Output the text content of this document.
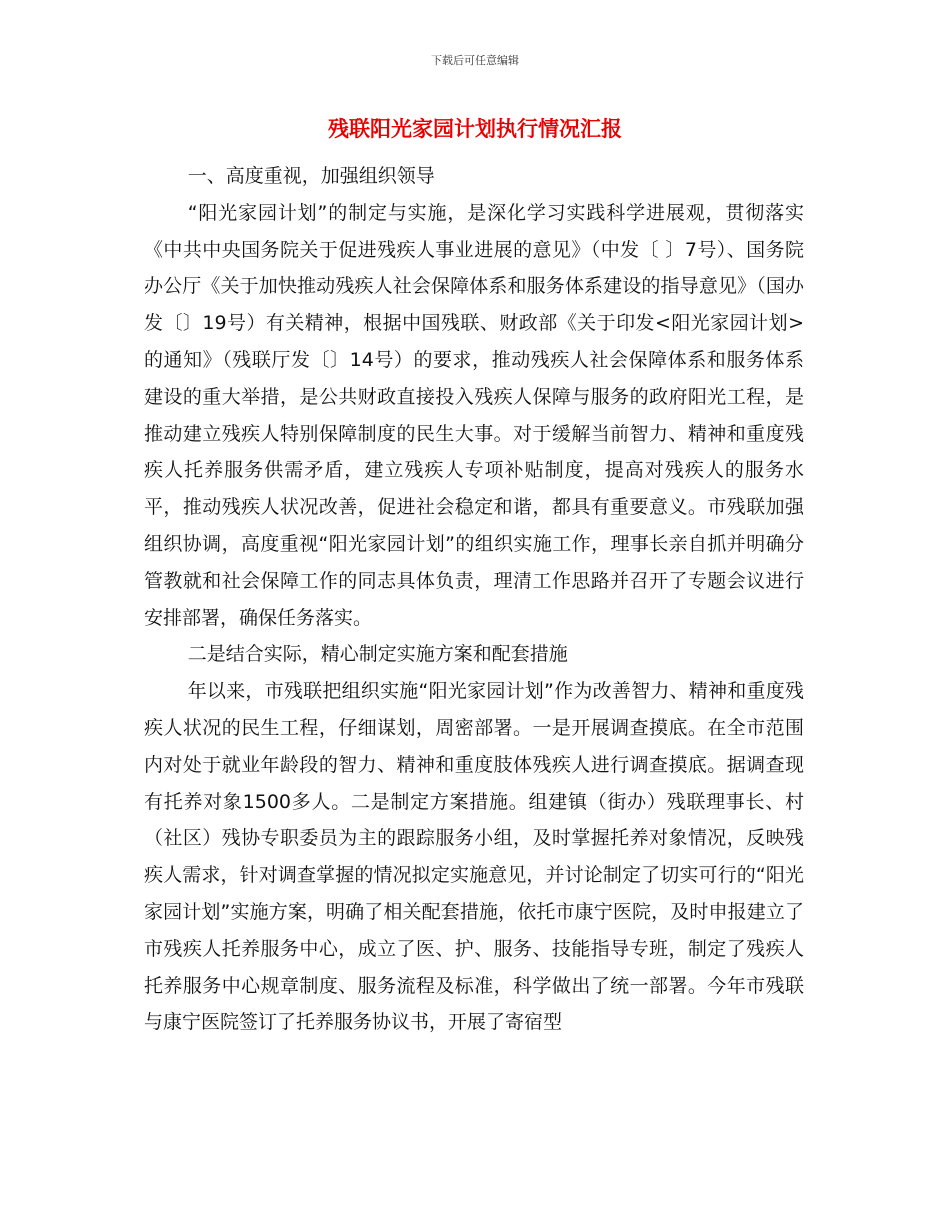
下载后可任意编辑
残联阳光家园计划执行情况汇报

一、高度重视，加强组织领导

“阳光家园计划”的制定与实施，是深化学习实践科学进展观，贯彻落实《中共中央国务院关于促进残疾人事业进展的意见》（中发〔 〕7号）、国务院办公厅《关于加快推动残疾人社会保障体系和服务体系建设的指导意见》（国办发〔〕19号）有关精神，根据中国残联、财政部《关于印发<阳光家园计划>的通知》（残联厅发〔〕14号）的要求，推动残疾人社会保障体系和服务体系建设的重大举措，是公共财政直接投入残疾人保障与服务的政府阳光工程，是推动建立残疾人特别保障制度的民生大事。对于缓解当前智力、精神和重度残疾人托养服务供需矛盾，建立残疾人专项补贴制度，提高对残疾人的服务水平，推动残疾人状况改善，促进社会稳定和谐，都具有重要意义。市残联加强组织协调，高度重视“阳光家园计划”的组织实施工作，理事长亲自抓并明确分管教就和社会保障工作的同志具体负责，理清工作思路并召开了专题会议进行安排部署，确保任务落实。

二是结合实际，精心制定实施方案和配套措施

年以来，市残联把组织实施“阳光家园计划”作为改善智力、精神和重度残疾人状况的民生工程，仔细谋划，周密部署。一是开展调查摸底。在全市范围内对处于就业年龄段的智力、精神和重度肢体残疾人进行调查摸底。据调查现有托养对象1500多人。二是制定方案措施。组建镇（街办）残联理事长、村（社区）残协专职委员为主的跟踪服务小组，及时掌握托养对象情况，反映残疾人需求，针对调查掌握的情况拟定实施意见，并讨论制定了切实可行的“阳光家园计划”实施方案，明确了相关配套措施，依托市康宁医院，及时申报建立了市残疾人托养服务中心，成立了医、护、服务、技能指导专班，制定了残疾人托养服务中心规章制度、服务流程及标准，科学做出了统一部署。今年市残联与康宁医院签订了托养服务协议书，开展了寄宿型
